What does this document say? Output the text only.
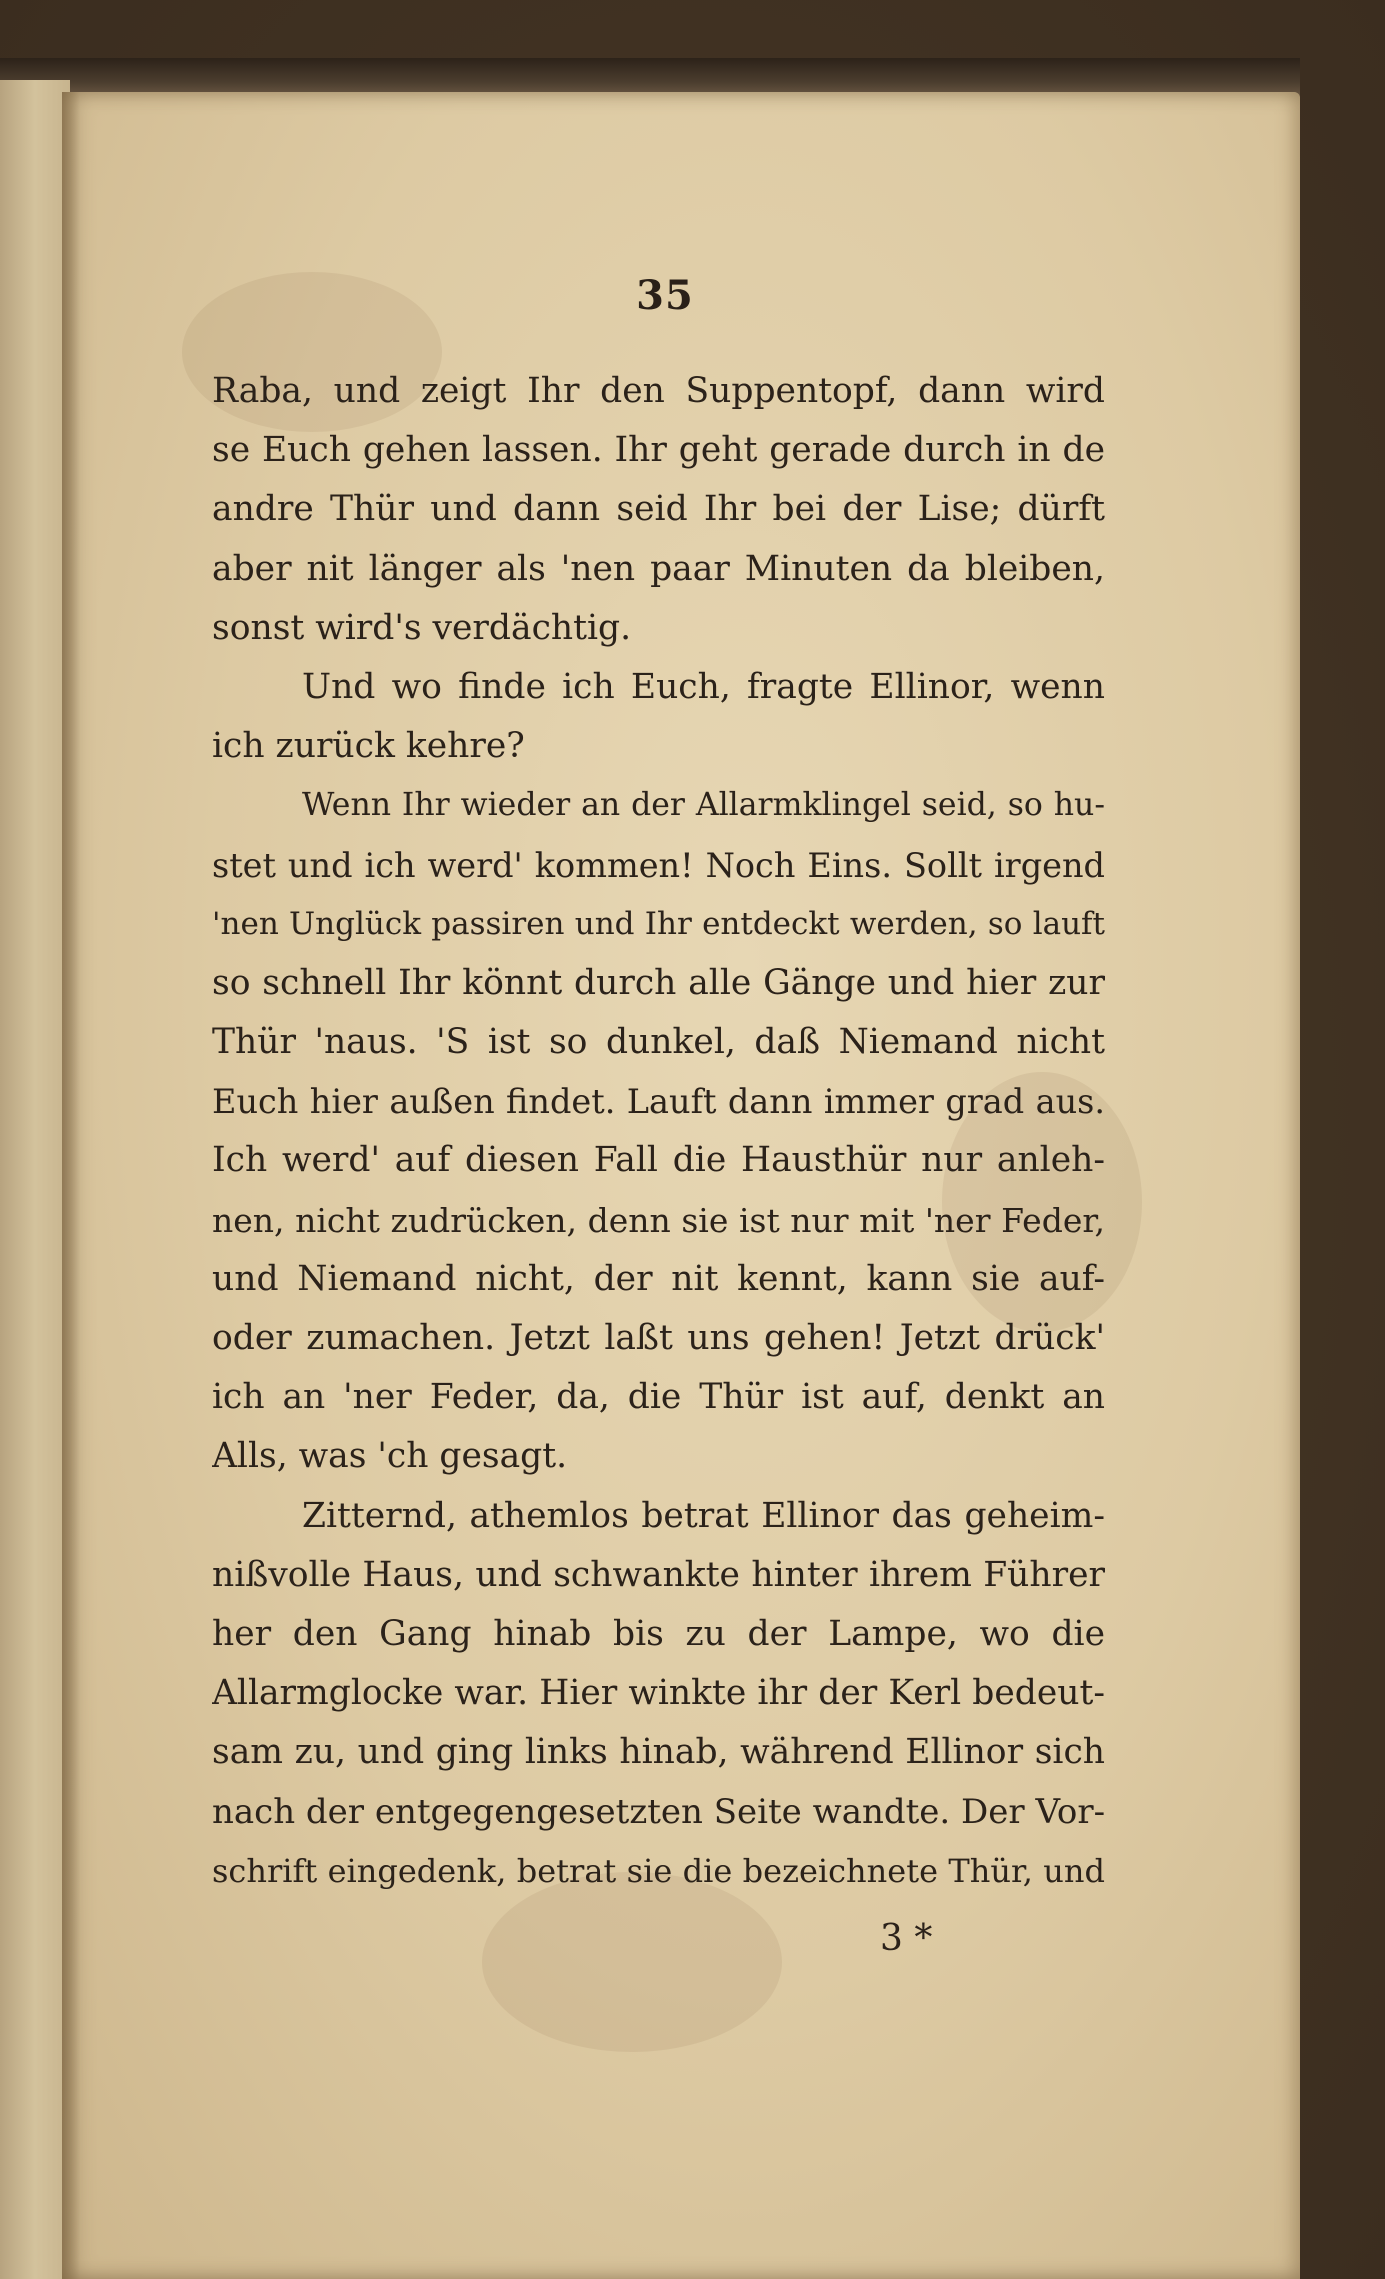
35
Raba, und zeigt Ihr den Suppentopf, dann wird
se Euch gehen lassen. Ihr geht gerade durch in de
andre Thür und dann seid Ihr bei der Lise; dürft
aber nit länger als 'nen paar Minuten da bleiben,
sonst wird's verdächtig.
Und wo finde ich Euch, fragte Ellinor, wenn
ich zurück kehre?
Wenn Ihr wieder an der Allarmklingel seid, so hu-
stet und ich werd' kommen! Noch Eins. Sollt irgend
'nen Unglück passiren und Ihr entdeckt werden, so lauft
so schnell Ihr könnt durch alle Gänge und hier zur
Thür 'naus. 'S ist so dunkel, daß Niemand nicht
Euch hier außen findet. Lauft dann immer grad aus.
Ich werd' auf diesen Fall die Hausthür nur anleh-
nen, nicht zudrücken, denn sie ist nur mit 'ner Feder,
und Niemand nicht, der nit kennt, kann sie auf-
oder zumachen. Jetzt laßt uns gehen! Jetzt drück'
ich an 'ner Feder, da, die Thür ist auf, denkt an
Alls, was 'ch gesagt.
Zitternd, athemlos betrat Ellinor das geheim-
nißvolle Haus, und schwankte hinter ihrem Führer
her den Gang hinab bis zu der Lampe, wo die
Allarmglocke war. Hier winkte ihr der Kerl bedeut-
sam zu, und ging links hinab, während Ellinor sich
nach der entgegengesetzten Seite wandte. Der Vor-
schrift eingedenk, betrat sie die bezeichnete Thür, und
3 *
